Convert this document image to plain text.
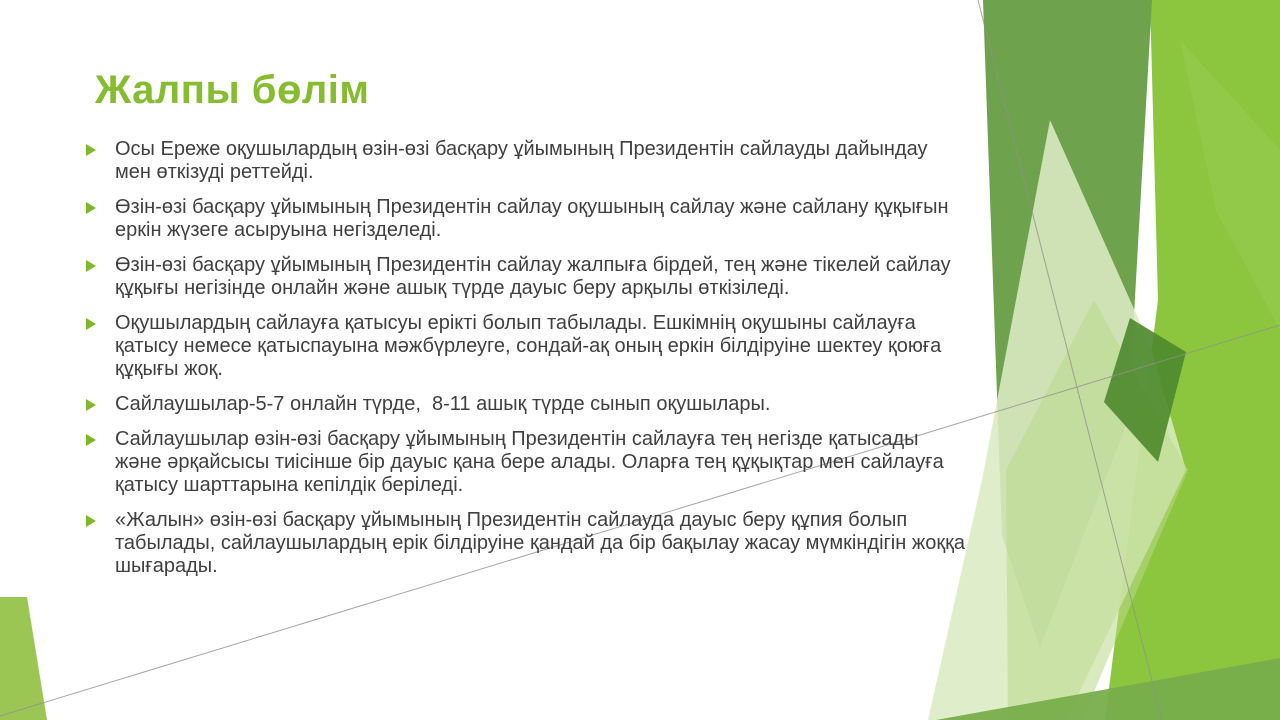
Жалпы бөлім
Осы Ереже оқушылардың өзін-өзі басқару ұйымының Президентін сайлауды дайындау мен өткізуді реттейді.
Өзін-өзі басқару ұйымының Президентін сайлау оқушының сайлау және сайлану құқығын еркін жүзеге асыруына негізделеді.
Өзін-өзі басқару ұйымының Президентін сайлау жалпыға бірдей, тең және тікелей сайлау құқығы негізінде онлайн және ашық түрде дауыс беру арқылы өткізіледі.
Оқушылардың сайлауға қатысуы ерікті болып табылады. Ешкімнің оқушыны сайлауға қатысу немесе қатыспауына мәжбүрлеуге, сондай-ақ оның еркін білдіруіне шектеу қоюға құқығы жоқ.
Сайлаушылар-5-7 онлайн түрде,  8-11 ашық түрде сынып оқушылары.
Сайлаушылар өзін-өзі басқару ұйымының Президентін сайлауға тең негізде қатысады және әрқайсысы тиісінше бір дауыс қана бере алады. Оларға тең құқықтар мен сайлауға қатысу шарттарына кепілдік беріледі.
«Жалын» өзін-өзі басқару ұйымының Президентін сайлауда дауыс беру құпия болып табылады, сайлаушылардың ерік білдіруіне қандай да бір бақылау жасау мүмкіндігін жоққа шығарады.
